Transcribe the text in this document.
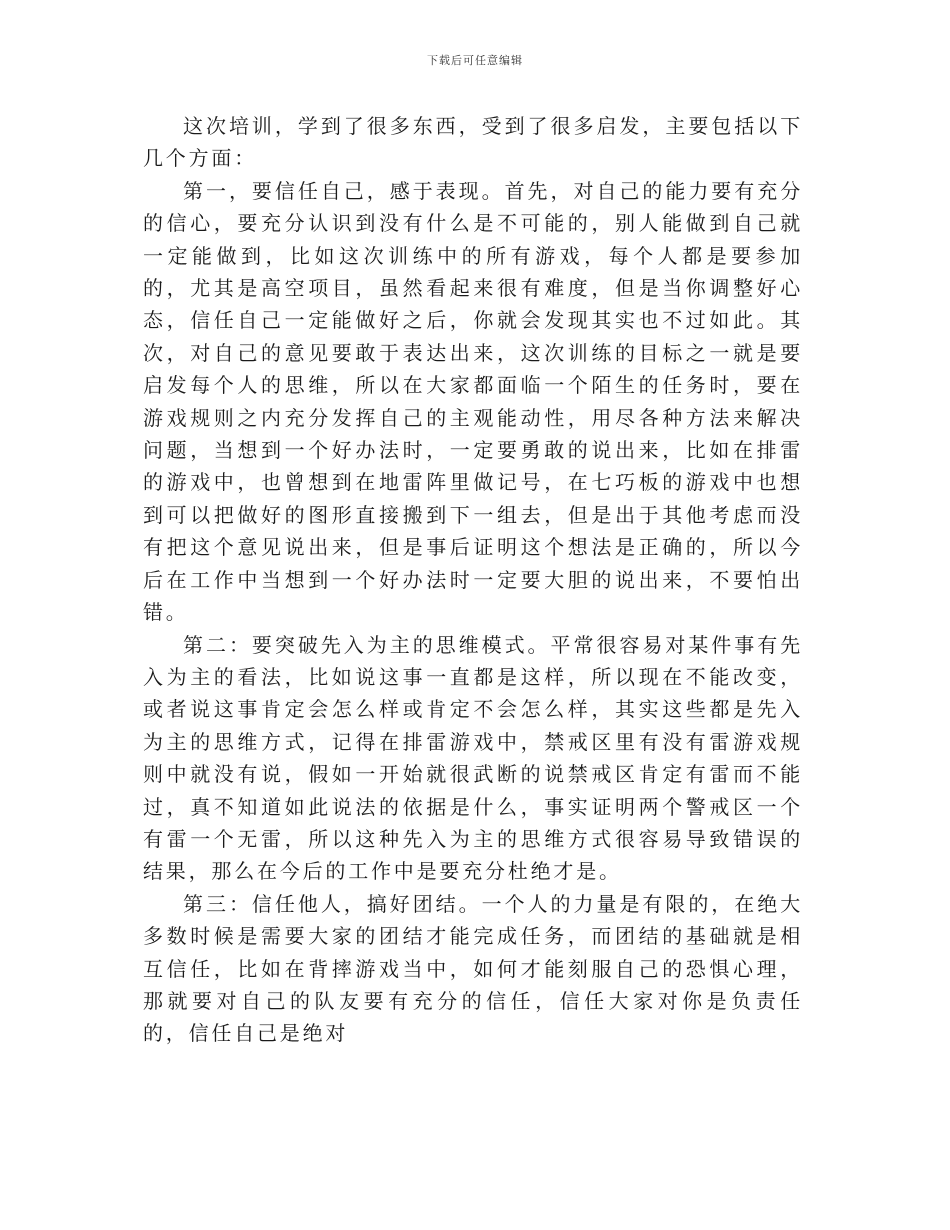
下载后可任意编辑

这次培训，学到了很多东西，受到了很多启发，主要包括以下几个方面：

第一，要信任自己，感于表现。首先，对自己的能力要有充分的信心，要充分认识到没有什么是不可能的，别人能做到自己就一定能做到，比如这次训练中的所有游戏，每个人都是要参加的，尤其是高空项目，虽然看起来很有难度，但是当你调整好心态，信任自己一定能做好之后，你就会发现其实也不过如此。其次，对自己的意见要敢于表达出来，这次训练的目标之一就是要启发每个人的思维，所以在大家都面临一个陌生的任务时，要在游戏规则之内充分发挥自己的主观能动性，用尽各种方法来解决问题，当想到一个好办法时，一定要勇敢的说出来，比如在排雷的游戏中，也曾想到在地雷阵里做记号，在七巧板的游戏中也想到可以把做好的图形直接搬到下一组去，但是出于其他考虑而没有把这个意见说出来，但是事后证明这个想法是正确的，所以今后在工作中当想到一个好办法时一定要大胆的说出来，不要怕出错。

第二：要突破先入为主的思维模式。平常很容易对某件事有先入为主的看法，比如说这事一直都是这样，所以现在不能改变，或者说这事肯定会怎么样或肯定不会怎么样，其实这些都是先入为主的思维方式，记得在排雷游戏中，禁戒区里有没有雷游戏规则中就没有说，假如一开始就很武断的说禁戒区肯定有雷而不能过，真不知道如此说法的依据是什么，事实证明两个警戒区一个有雷一个无雷，所以这种先入为主的思维方式很容易导致错误的结果，那么在今后的工作中是要充分杜绝才是。

第三：信任他人，搞好团结。一个人的力量是有限的，在绝大多数时候是需要大家的团结才能完成任务，而团结的基础就是相互信任，比如在背摔游戏当中，如何才能刻服自己的恐惧心理，那就要对自己的队友要有充分的信任，信任大家对你是负责任的，信任自己是绝对
